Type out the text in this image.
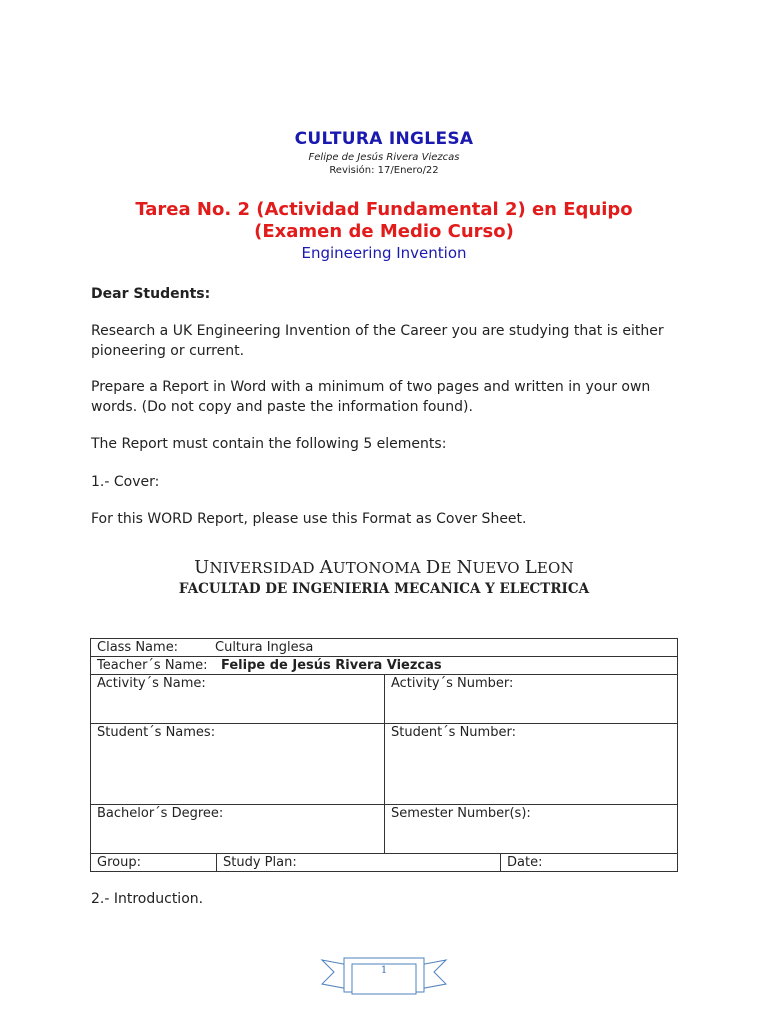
CULTURA INGLESA
Felipe de Jesús Rivera Viezcas
Revisión: 17/Enero/22
Tarea No. 2 (Actividad Fundamental 2) en Equipo
(Examen de Medio Curso)
Engineering Invention
Dear Students:
Research a UK Engineering Invention of the Career you are studying that is either pioneering or current.
Prepare a Report in Word with a minimum of two pages and written in your own words. (Do not copy and paste the information found).
The Report must contain the following 5 elements:
1.- Cover:
For this WORD Report, please use this Format as Cover Sheet.
UNIVERSIDAD AUTONOMA DE NUEVO LEON
FACULTAD DE INGENIERIA MECANICA Y ELECTRICA
Class Name:	Cultura Inglesa
Teacher´s Name:	Felipe de Jesús Rivera Viezcas
Activity´s Name:	Activity´s Number:
Student´s Names:	Student´s Number:
Bachelor´s Degree:	Semester Number(s):
Group:	Study Plan:	Date:
2.- Introduction.
1
